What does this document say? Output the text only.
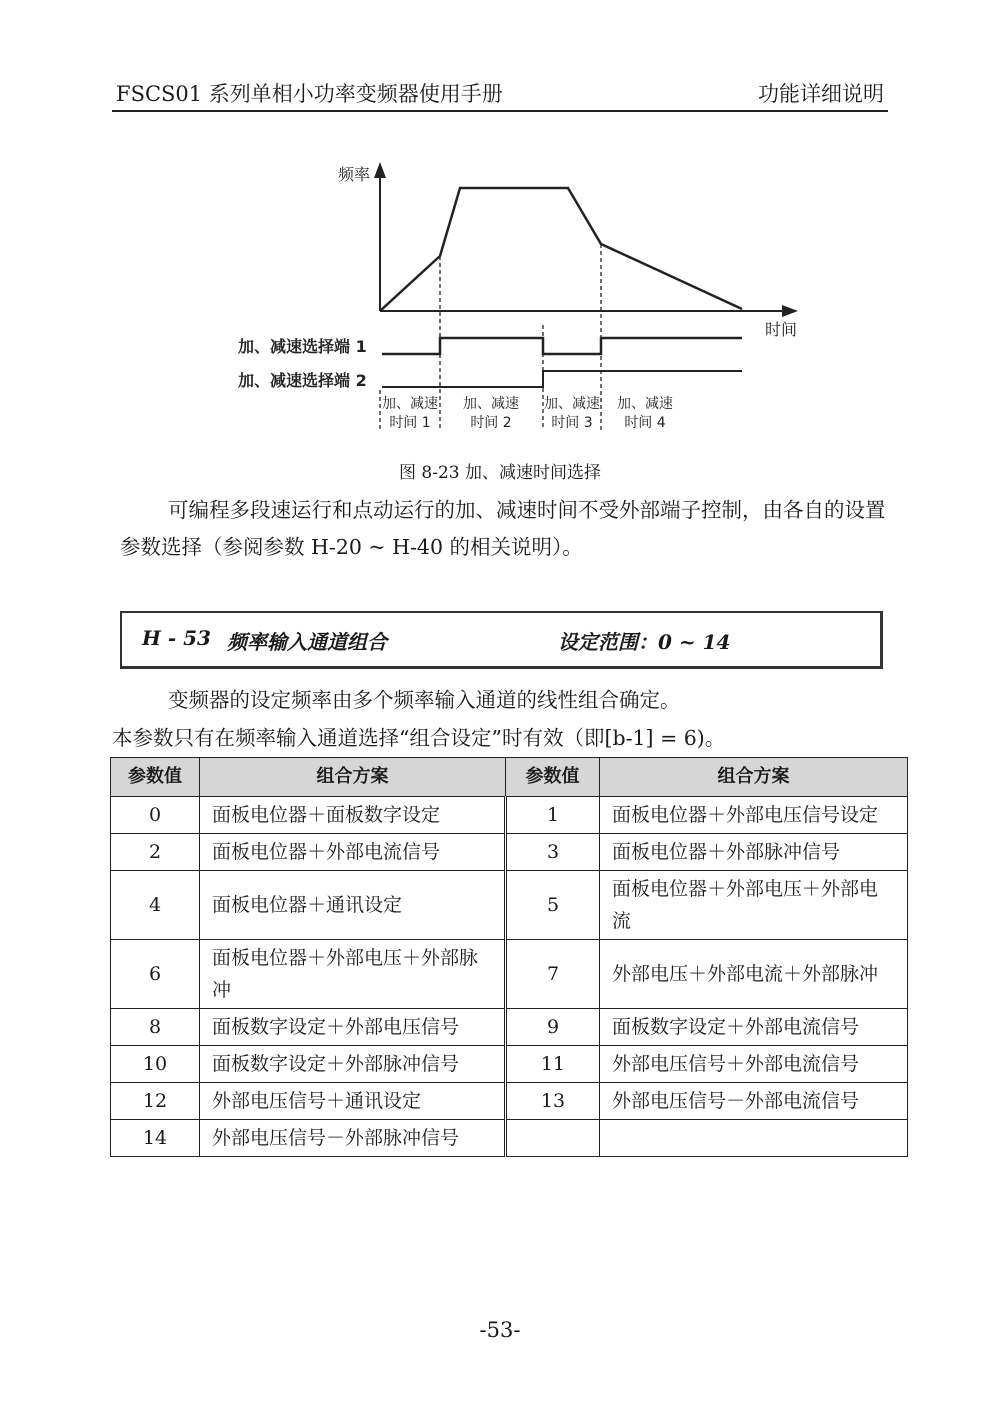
FSCS01 系列单相小功率变频器使用手册	功能详细说明
频率
时间
加、减速选择端 1
加、减速选择端 2
加、减速
时间 1
加、减速
时间 2
加、减速
时间 3
加、减速
时间 4
图 8-23 加、减速时间选择
可编程多段速运行和点动运行的加、减速时间不受外部端子控制，由各自的设置参数选择（参阅参数 H-20 ~ H-40 的相关说明）。
H - 53 频率输入通道组合	设定范围：0 ~ 14
变频器的设定频率由多个频率输入通道的线性组合确定。
本参数只有在频率输入通道选择“组合设定”时有效（即[b-1] = 6)。
参数值	组合方案	参数值	组合方案
0	面板电位器＋面板数字设定	1	面板电位器＋外部电压信号设定
2	面板电位器＋外部电流信号	3	面板电位器＋外部脉冲信号
4	面板电位器＋通讯设定	5	面板电位器＋外部电压＋外部电流
6	面板电位器＋外部电压＋外部脉冲	7	外部电压＋外部电流＋外部脉冲
8	面板数字设定＋外部电压信号	9	面板数字设定＋外部电流信号
10	面板数字设定＋外部脉冲信号	11	外部电压信号＋外部电流信号
12	外部电压信号＋通讯设定	13	外部电压信号－外部电流信号
14	外部电压信号－外部脉冲信号		
-53-
